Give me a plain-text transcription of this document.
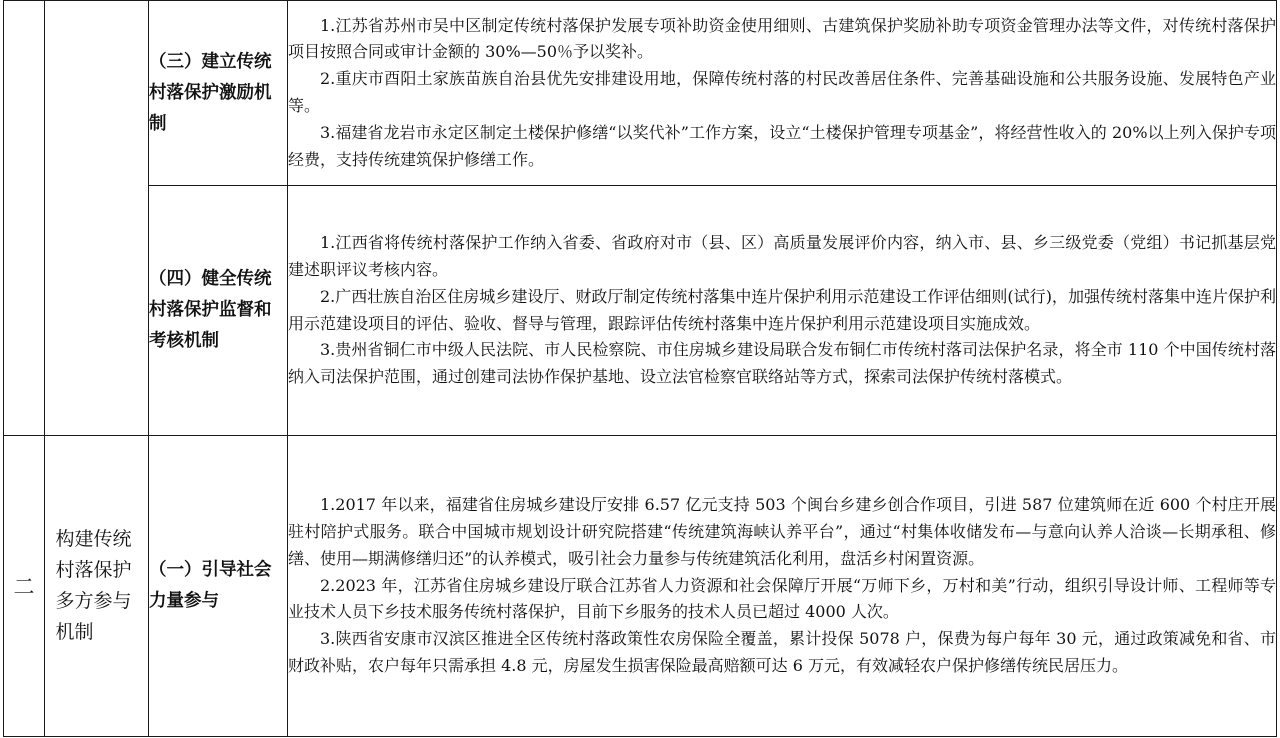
		（三）建立传统村落保护激励机制	1.江苏省苏州市吴中区制定传统村落保护发展专项补助资金使用细则、古建筑保护奖励补助专项资金管理办法等文件，对传统村落保护项目按照合同或审计金额的 30%—50％予以奖补。

2.重庆市酉阳土家族苗族自治县优先安排建设用地，保障传统村落的村民改善居住条件、完善基础设施和公共服务设施、发展特色产业等。

3.福建省龙岩市永定区制定土楼保护修缮“以奖代补”工作方案，设立“土楼保护管理专项基金”，将经营性收入的 20%以上列入保护专项经费，支持传统建筑保护修缮工作。

		（四）健全传统村落保护监督和考核机制	1.江西省将传统村落保护工作纳入省委、省政府对市（县、区）高质量发展评价内容，纳入市、县、乡三级党委（党组）书记抓基层党建述职评议考核内容。

2.广西壮族自治区住房城乡建设厅、财政厅制定传统村落集中连片保护利用示范建设工作评估细则(试行)，加强传统村落集中连片保护利用示范建设项目的评估、验收、督导与管理，跟踪评估传统村落集中连片保护利用示范建设项目实施成效。

3.贵州省铜仁市中级人民法院、市人民检察院、市住房城乡建设局联合发布铜仁市传统村落司法保护名录，将全市 110 个中国传统村落纳入司法保护范围，通过创建司法协作保护基地、设立法官检察官联络站等方式，探索司法保护传统村落模式。

二	构建传统村落保护多方参与机制	（一）引导社会力量参与	1.2017 年以来，福建省住房城乡建设厅安排 6.57 亿元支持 503 个闽台乡建乡创合作项目，引进 587 位建筑师在近 600 个村庄开展驻村陪护式服务。联合中国城市规划设计研究院搭建“传统建筑海峡认养平台”，通过“村集体收储发布—与意向认养人洽谈—长期承租、修缮、使用—期满修缮归还”的认养模式，吸引社会力量参与传统建筑活化利用，盘活乡村闲置资源。

2.2023 年，江苏省住房城乡建设厅联合江苏省人力资源和社会保障厅开展“万师下乡，万村和美”行动，组织引导设计师、工程师等专业技术人员下乡技术服务传统村落保护，目前下乡服务的技术人员已超过 4000 人次。

3.陕西省安康市汉滨区推进全区传统村落政策性农房保险全覆盖，累计投保 5078 户，保费为每户每年 30 元，通过政策减免和省、市财政补贴，农户每年只需承担 4.8 元，房屋发生损害保险最高赔额可达 6 万元，有效减轻农户保护修缮传统民居压力。
